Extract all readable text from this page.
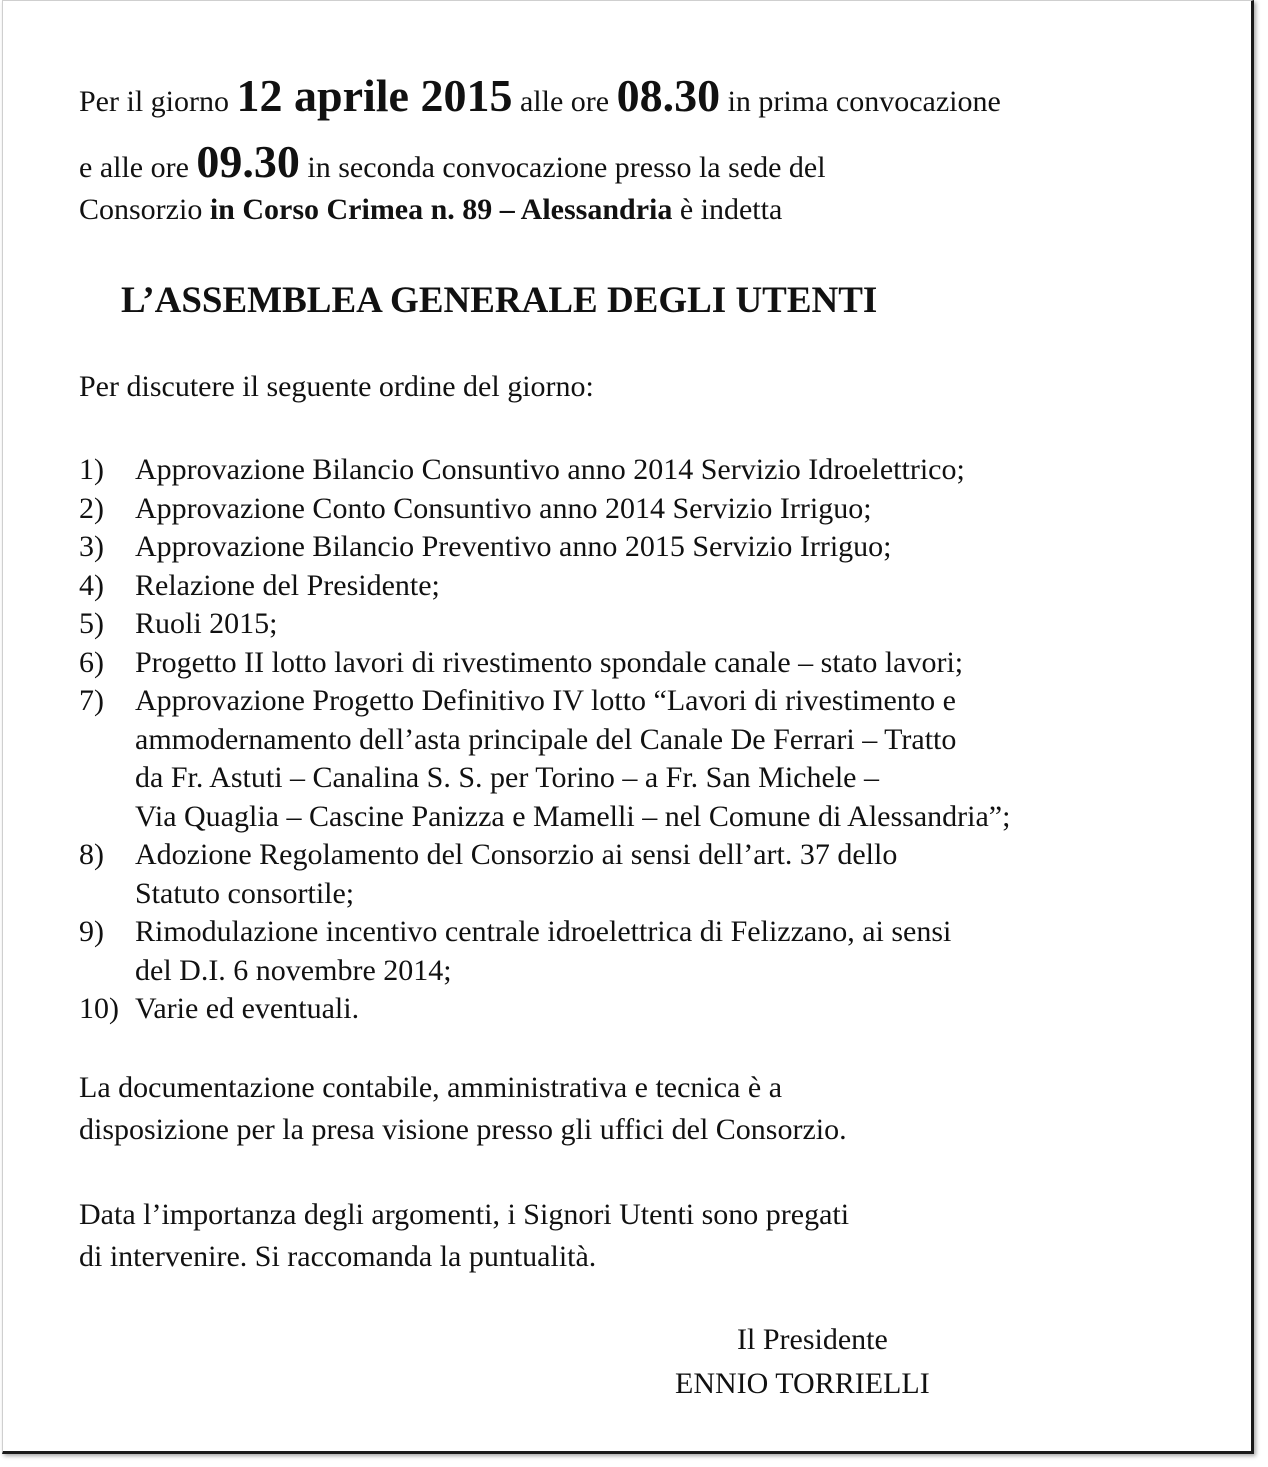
Per il giorno 12 aprile 2015 alle ore 08.30 in prima convocazione
e alle ore 09.30 in seconda convocazione presso la sede del
Consorzio in Corso Crimea n. 89 – Alessandria è indetta
L’ASSEMBLEA GENERALE DEGLI UTENTI
Per discutere il seguente ordine del giorno:
1)	Approvazione Bilancio Consuntivo anno 2014 Servizio Idroelettrico;
2)	Approvazione Conto Consuntivo anno 2014 Servizio Irriguo;
3)	Approvazione Bilancio Preventivo anno 2015 Servizio Irriguo;
4)	Relazione del Presidente;
5)	Ruoli 2015;
6)	Progetto II lotto lavori di rivestimento spondale canale – stato lavori;
7)	Approvazione Progetto Definitivo IV lotto “Lavori di rivestimento e
ammodernamento dell’asta principale del Canale De Ferrari – Tratto
da Fr. Astuti – Canalina S. S. per Torino – a Fr. San Michele –
Via Quaglia – Cascine Panizza e Mamelli – nel Comune di Alessandria”;
8)	Adozione Regolamento del Consorzio ai sensi dell’art. 37 dello
Statuto consortile;
9)	Rimodulazione incentivo centrale idroelettrica di Felizzano, ai sensi
del D.I. 6 novembre 2014;
10) Varie ed eventuali.
La documentazione contabile, amministrativa e tecnica è a
disposizione per la presa visione presso gli uffici del Consorzio.
Data l’importanza degli argomenti, i Signori Utenti sono pregati
di intervenire. Si raccomanda la puntualità.
Il Presidente
ENNIO TORRIELLI
